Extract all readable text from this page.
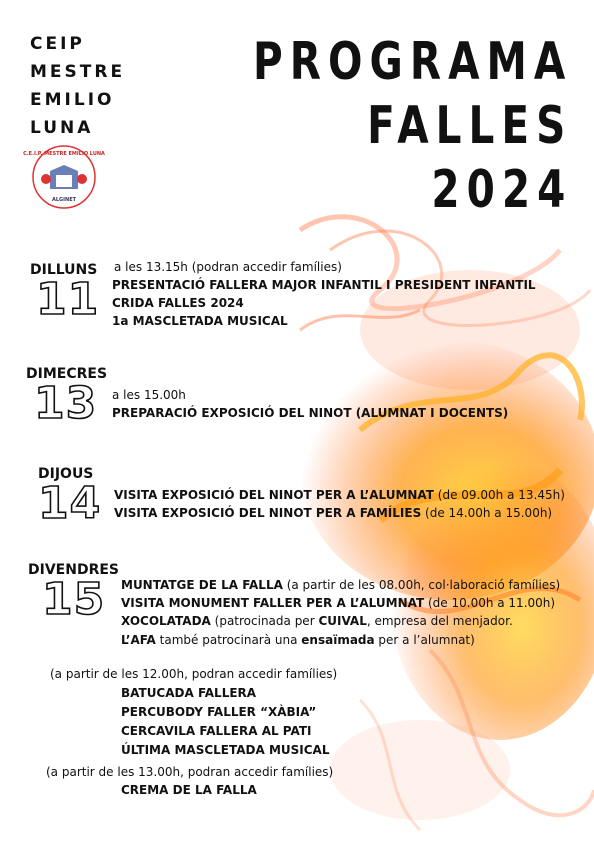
CEIP
MESTRE
EMILIO
LUNA
C.E.I.P. MESTRE EMILIO LUNA
ALGINET
PROGRAMA
FALLES
2024
DILLUNS
11
a les 13.15h (podran accedir famílies)
PRESENTACIÓ FALLERA MAJOR INFANTIL I PRESIDENT INFANTIL
CRIDA FALLES 2024
1a MASCLETADA MUSICAL
DIMECRES
13	a les 15.00h
PREPARACIÓ EXPOSICIÓ DEL NINOT (ALUMNAT I DOCENTS)
DIJOUS
14 VISITA EXPOSICIÓ DEL NINOT PER A L’ALUMNAT (de 09.00h a 13.45h)
VISITA EXPOSICIÓ DEL NINOT PER A FAMÍLIES (de 14.00h a 15.00h)
DIVENDRES
15	MUNTATGE DE LA FALLA (a partir de les 08.00h, col·laboració famílies)
VISITA MONUMENT FALLER PER A L’ALUMNAT (de 10.00h a 11.00h)
XOCOLATADA (patrocinada per CUIVAL, empresa del menjador.
L’AFA també patrocinarà una ensaïmada per a l’alumnat)
(a partir de les 12.00h, podran accedir famílies)
BATUCADA FALLERA
PERCUBODY FALLER “XÀBIA”
CERCAVILA FALLERA AL PATI
ÚLTIMA MASCLETADA MUSICAL
(a partir de les 13.00h, podran accedir famílies)
CREMA DE LA FALLA
